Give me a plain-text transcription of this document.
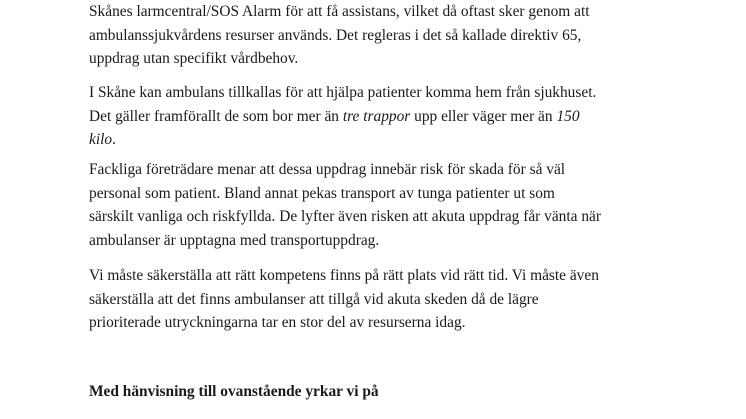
Skånes larmcentral/SOS Alarm för att få assistans, vilket då oftast sker genom att
ambulanssjukvårdens resurser används. Det regleras i det så kallade direktiv 65,
uppdrag utan specifikt vårdbehov.

I Skåne kan ambulans tillkallas för att hjälpa patienter komma hem från sjukhuset.
Det gäller framförallt de som bor mer än tre trappor upp eller väger mer än 150
kilo.

Fackliga företrädare menar att dessa uppdrag innebär risk för skada för så väl
personal som patient. Bland annat pekas transport av tunga patienter ut som
särskilt vanliga och riskfyllda. De lyfter även risken att akuta uppdrag får vänta när
ambulanser är upptagna med transportuppdrag.

Vi måste säkerställa att rätt kompetens finns på rätt plats vid rätt tid. Vi måste även
säkerställa att det finns ambulanser att tillgå vid akuta skeden då de lägre
prioriterade utryckningarna tar en stor del av resurserna idag.

Med hänvisning till ovanstående yrkar vi på
